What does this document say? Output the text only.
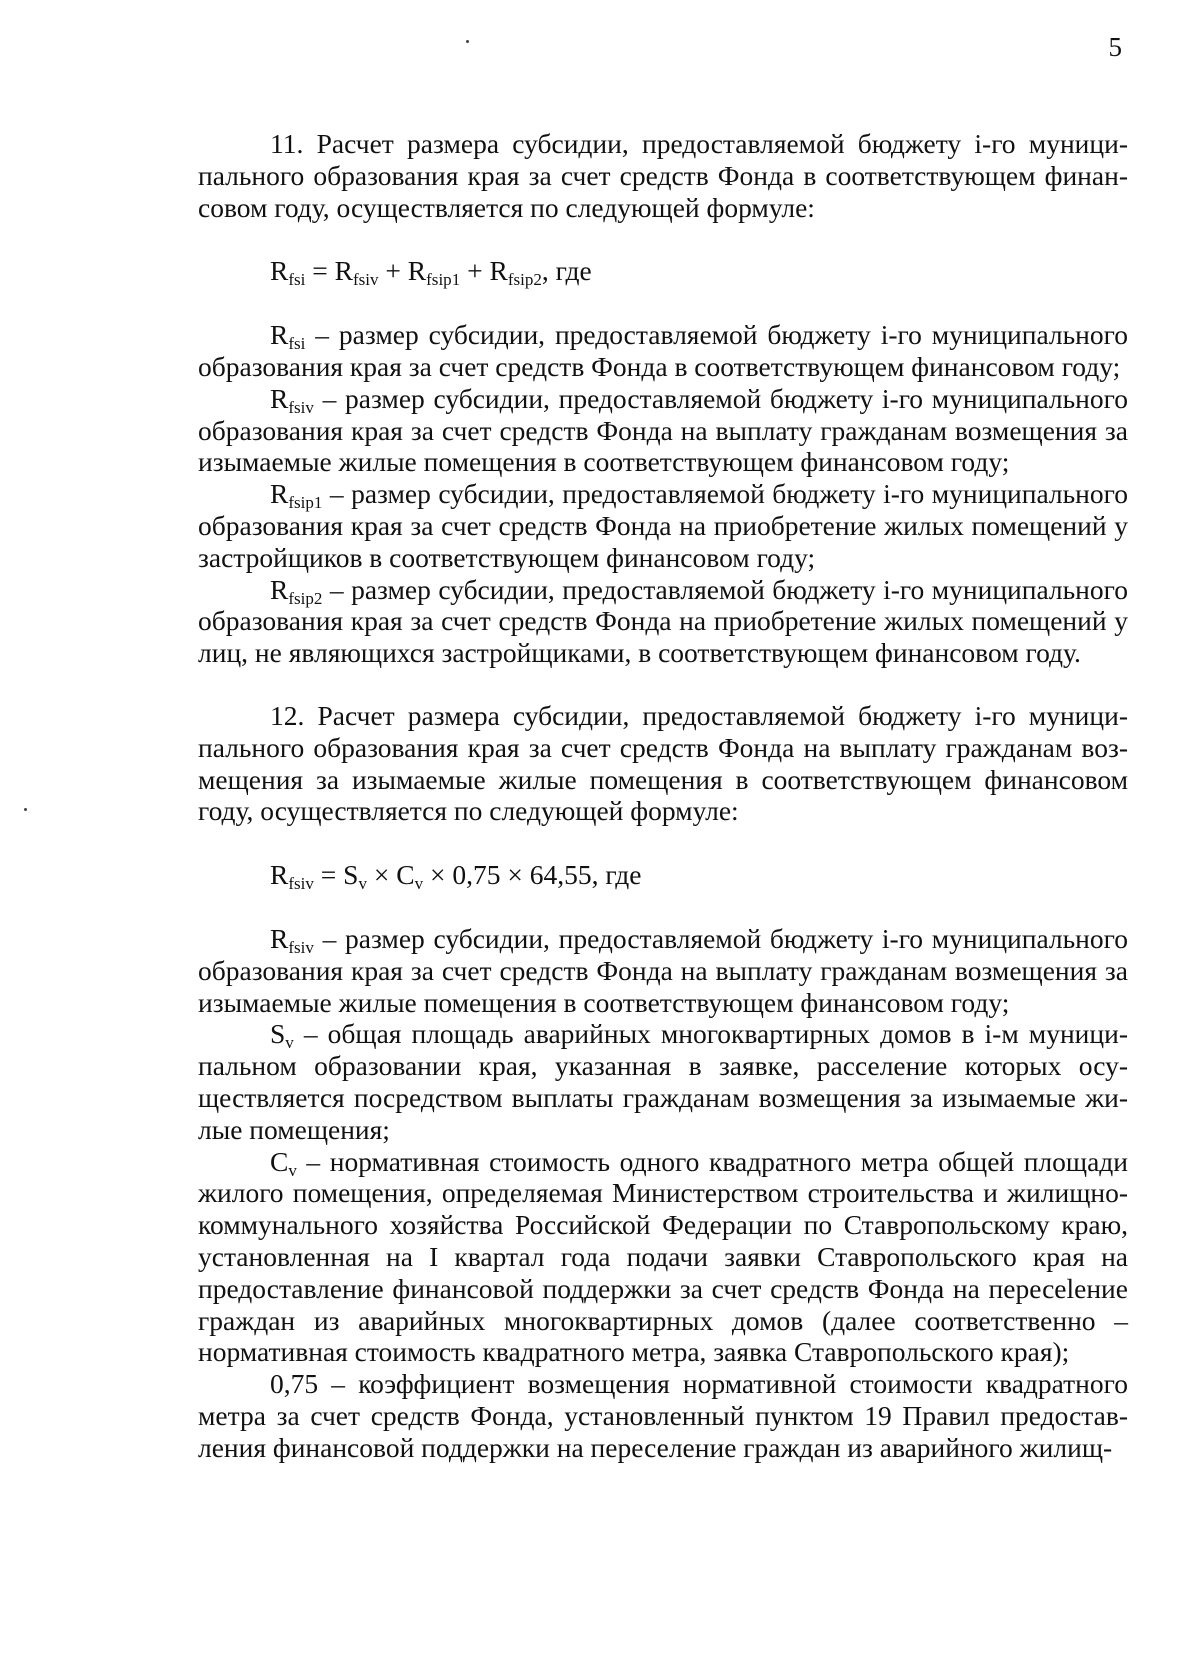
5

11. Расчет размера субсидии, предоставляемой бюджету i-го муниципального образования края за счет средств Фонда в соответствующем финансовом году, осуществляется по следующей формуле:

$R_{fsi} = R_{fsiv} + R_{fsip1} + R_{fsip2}$, где

$R_{fsi}$ – размер субсидии, предоставляемой бюджету i-го муниципального образования края за счет средств Фонда в соответствующем финансовом году;

$R_{fsiv}$ – размер субсидии, предоставляемой бюджету i-го муниципального образования края за счет средств Фонда на выплату гражданам возмещения за изымаемые жилые помещения в соответствующем финансовом году;

$R_{fsip1}$ – размер субсидии, предоставляемой бюджету i-го муниципального образования края за счет средств Фонда на приобретение жилых помещений у застройщиков в соответствующем финансовом году;

$R_{fsip2}$ – размер субсидии, предоставляемой бюджету i-го муниципального образования края за счет средств Фонда на приобретение жилых помещений у лиц, не являющихся застройщиками, в соответствующем финансовом году.

12. Расчет размера субсидии, предоставляемой бюджету i-го муниципального образования края за счет средств Фонда на выплату гражданам возмещения за изымаемые жилые помещения в соответствующем финансовом году, осуществляется по следующей формуле:

$R_{fsiv} = S_v \times C_v \times 0,75 \times 64,55$, где

$R_{fsiv}$ – размер субсидии, предоставляемой бюджету i-го муниципального образования края за счет средств Фонда на выплату гражданам возмещения за изымаемые жилые помещения в соответствующем финансовом году;

$S_v$ – общая площадь аварийных многоквартирных домов в i-м муниципальном образовании края, указанная в заявке, расселение которых осуществляется посредством выплаты гражданам возмещения за изымаемые жилые помещения;

$C_v$ – нормативная стоимость одного квадратного метра общей площади жилого помещения, определяемая Министерством строительства и жилищно-коммунального хозяйства Российской Федерации по Ставропольскому краю, установленная на I квартал года подачи заявки Ставропольского края на предоставление финансовой поддержки за счет средств Фонда на пересeleние граждан из аварийных многоквартирных домов (далее соответственно – нормативная стоимость квадратного метра, заявка Ставропольского края);

0,75 – коэффициент возмещения нормативной стоимости квадратного метра за счет средств Фонда, установленный пунктом 19 Правил предоставления финансовой поддержки на переселение граждан из аварийного жилищ-
